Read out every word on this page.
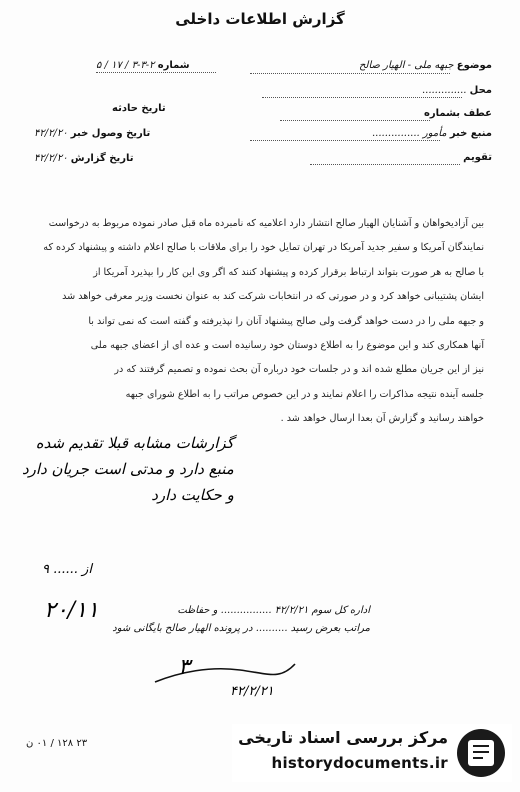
گزارش اطلاعات داخلی
شماره ۲-۳-۳ / ۱۷ / ۵	موضوع جبهه ملی - الهیار صالح
محل ..............
عطف بشماره
منبع خبر مأمور ...............
تقویم
تاریخ حادثه
تاریخ وصول خبر ۴۲/۲/۲۰
تاریخ گزارش ۴۲/۲/۲۰
بین آزادیخواهان و آشنایان الهیار صالح انتشار دارد اعلامیه که نامبرده ماه قبل صادر نموده مربوط به درخواست
نمایندگان آمریکا و سفیر جدید آمریکا در تهران تمایل خود را برای ملاقات با صالح اعلام داشته و پیشنهاد کرده که
با صالح به هر صورت بتواند ارتباط برقرار کرده و پیشنهاد کنند که اگر وی این کار را بپذیرد آمریکا از
ایشان پشتیبانی خواهد کرد و در صورتی که در انتخابات شرکت کند به عنوان نخست وزیر معرفی خواهد شد
و جبهه ملی را در دست خواهد گرفت ولی صالح پیشنهاد آنان را نپذیرفته و گفته است که نمی تواند با
آنها همکاری کند و این موضوع را به اطلاع دوستان خود رسانیده است و عده ای از اعضای جبهه ملی
نیز از این جریان مطلع شده اند و در جلسات خود درباره آن بحث نموده و تصمیم گرفتند که در
جلسه آینده نتیجه مذاکرات را اعلام نمایند و در این خصوص مراتب را به اطلاع شورای جبهه
خواهند رسانید و گزارش آن بعدا ارسال خواهد شد .
گزارشات مشابه قبلا تقدیم شده
منبع دارد و مدتی است جریان دارد
و حکایت دارد
از ...... ۹
۲۰/۱۱	اداره کل سوم ۴۲/۲/۲۱ ................ و حفاظت
مراتب بعرض رسید .......... در پرونده الهیار صالح بایگانی شود
۳
۴۲/۲/۲۱
۲۳ ۱۲۸ / ۰۱ ن	مرکز بررسی اسناد تاریخی
historydocuments.ir
